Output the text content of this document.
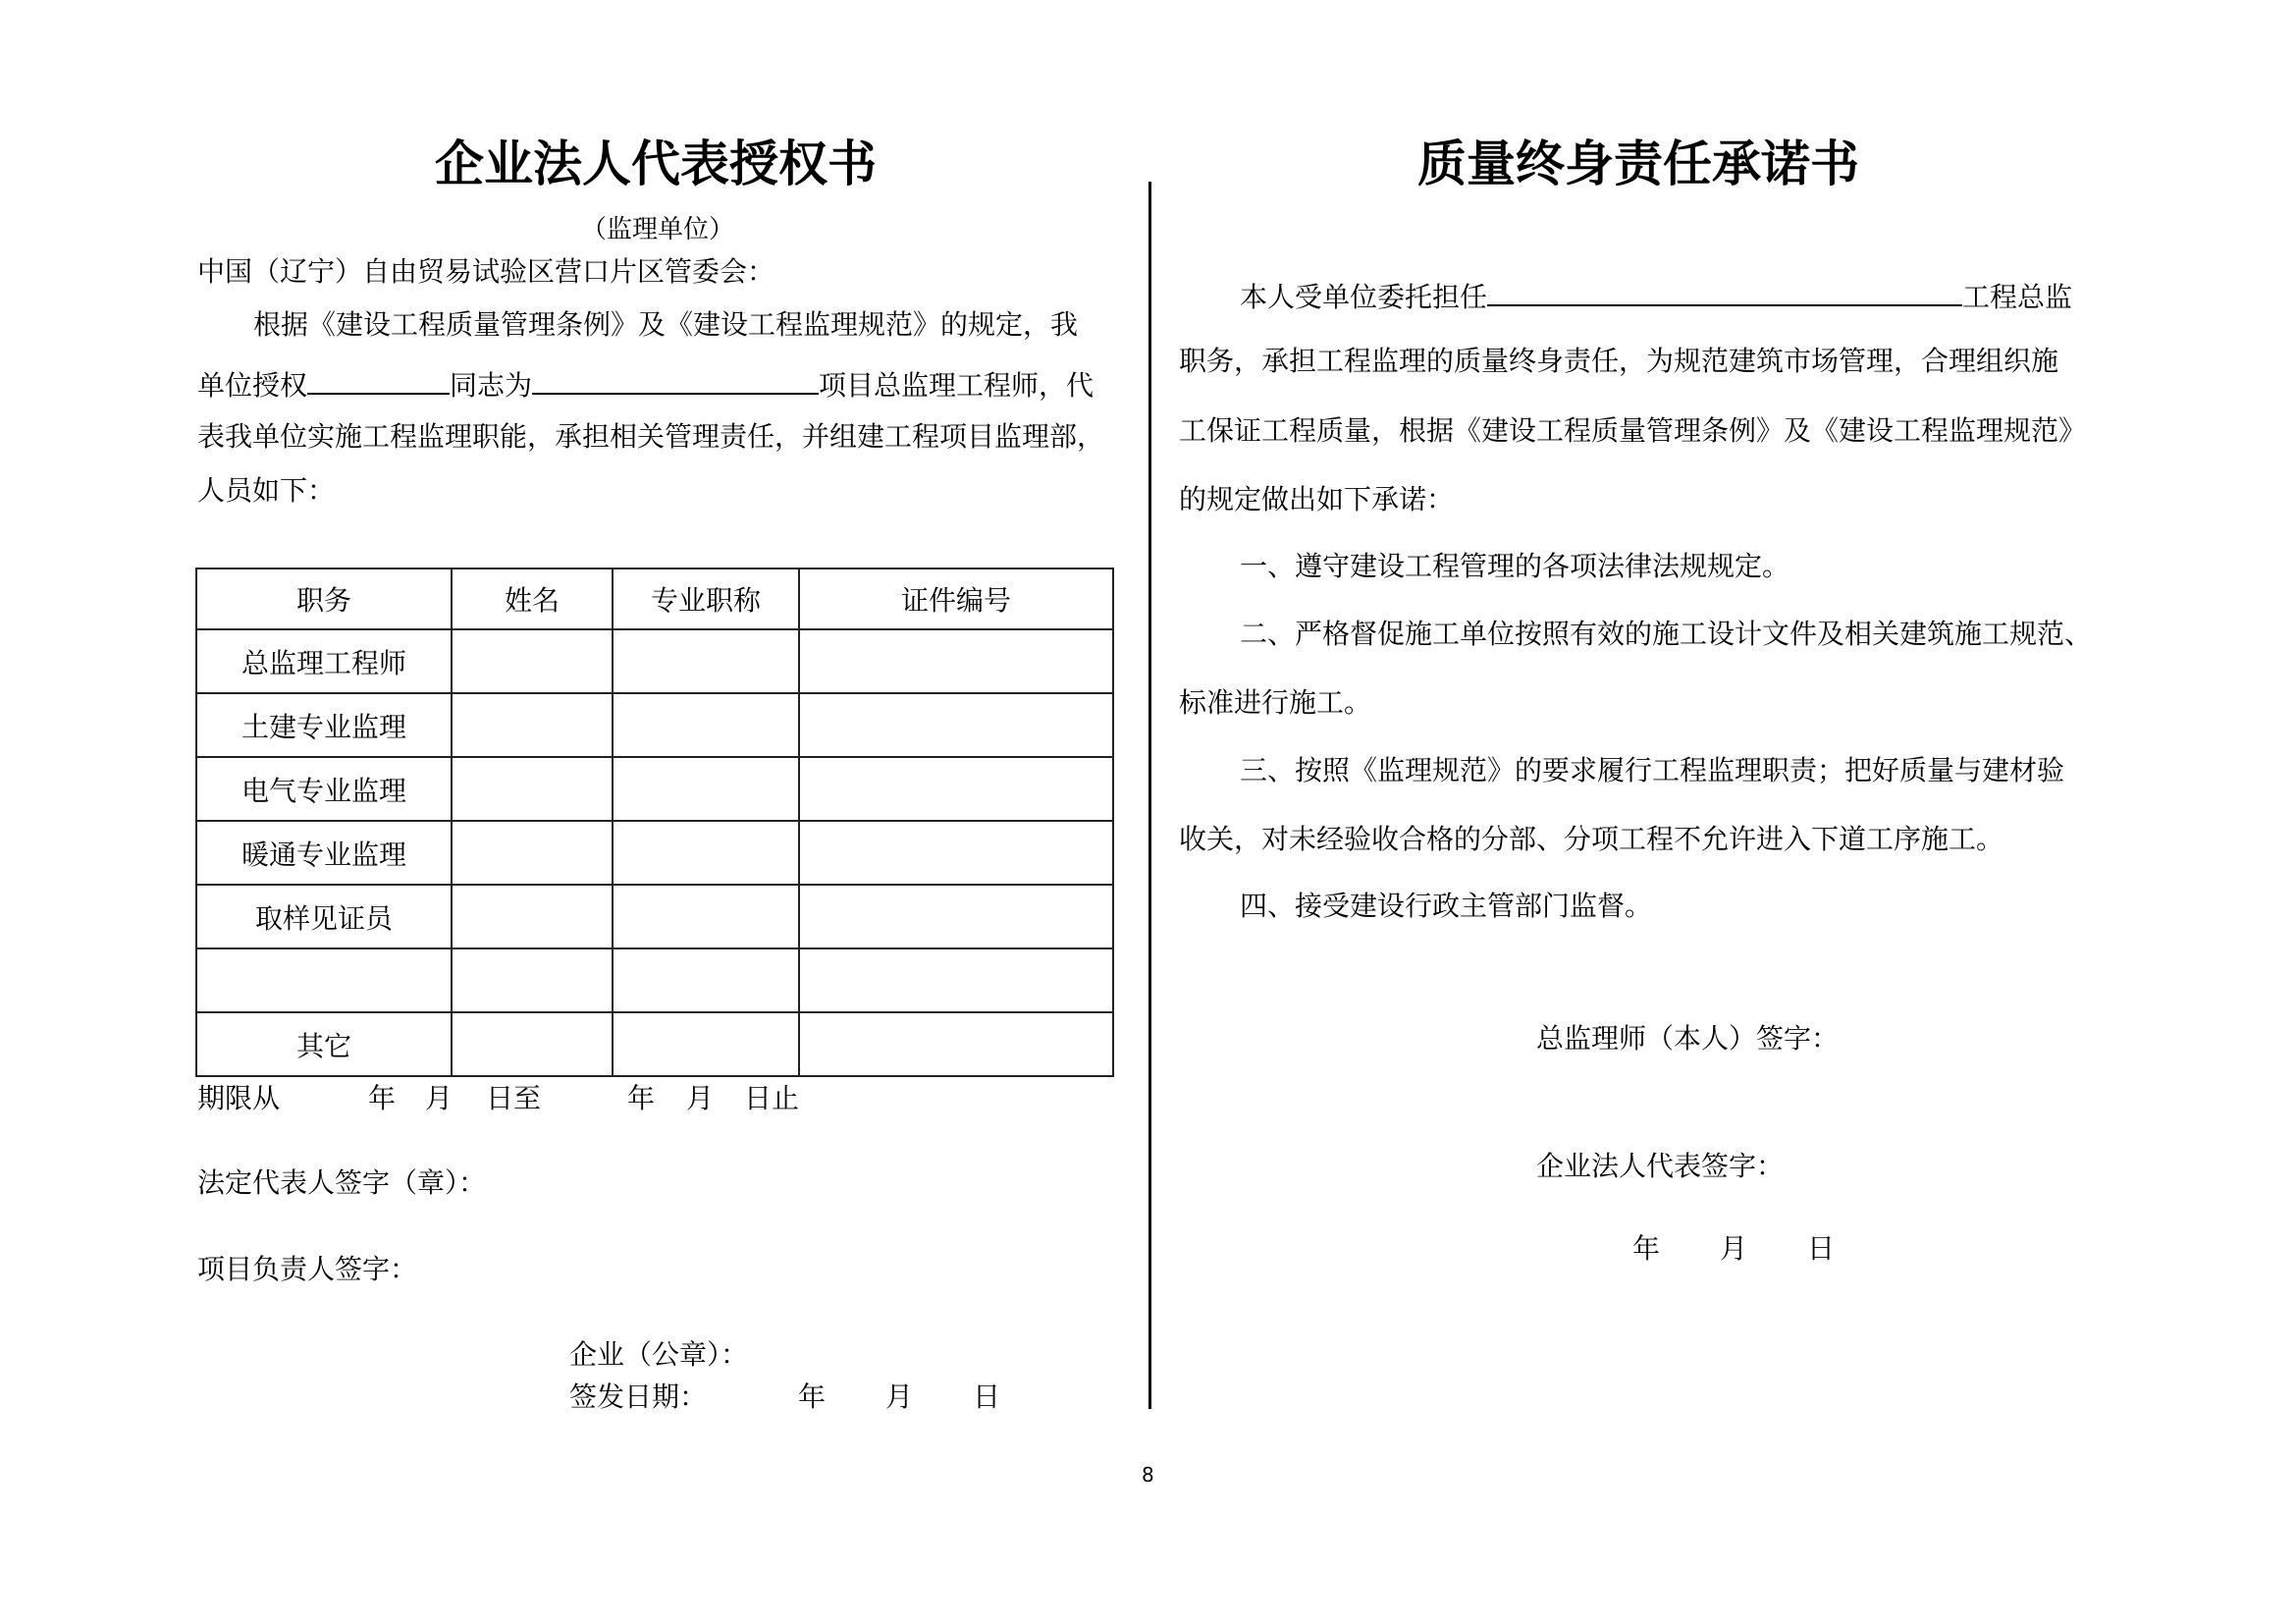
企业法人代表授权书
（监理单位）
中国（辽宁）自由贸易试验区营口片区管委会：
根据《建设工程质量管理条例》及《建设工程监理规范》的规定，我
单位授权	同志为	项目总监理工程师，代
表我单位实施工程监理职能，承担相关管理责任，并组建工程项目监理部，
人员如下：
职务	姓名	专业职称	证件编号
总监理工程师			
土建专业监理			
电气专业监理			
暖通专业监理			
取样见证员			

其它			
期限从	年 月 日至	年 月 日止
法定代表人签字（章）：
项目负责人签字：
企业（公章）：
签发日期：	年 月 日
质量终身责任承诺书
本人受单位委托担任	工程总监
职务，承担工程监理的质量终身责任，为规范建筑市场管理，合理组织施
工保证工程质量，根据《建设工程质量管理条例》及《建设工程监理规范》
的规定做出如下承诺：
一、遵守建设工程管理的各项法律法规规定。
二、严格督促施工单位按照有效的施工设计文件及相关建筑施工规范、
标准进行施工。
三、按照《监理规范》的要求履行工程监理职责；把好质量与建材验
收关，对未经验收合格的分部、分项工程不允许进入下道工序施工。
四、接受建设行政主管部门监督。
总监理师（本人）签字：
企业法人代表签字：
年 月 日
8
